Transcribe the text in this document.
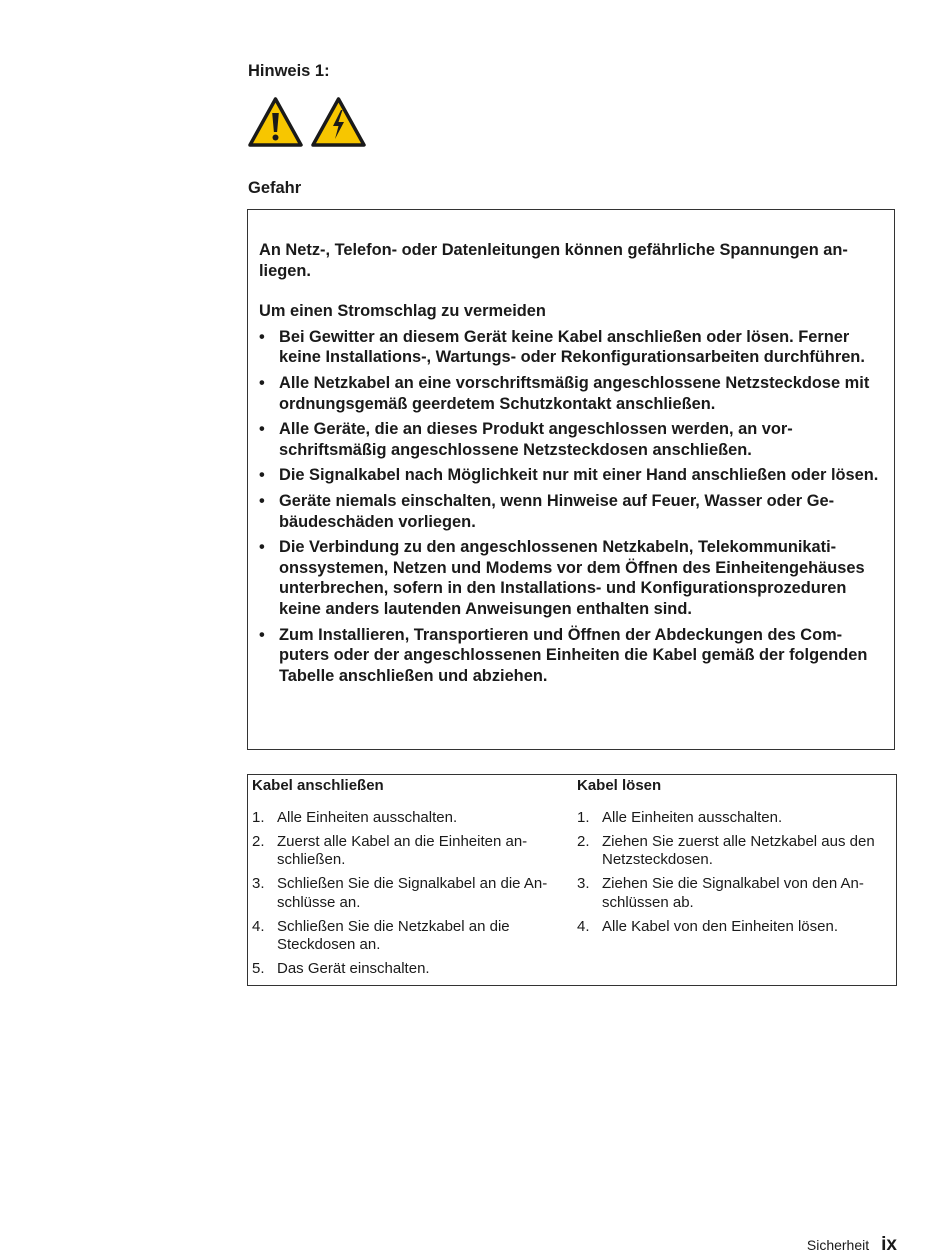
Hinweis 1:
Gefahr

An Netz-, Telefon- oder Datenleitungen können gefährliche Spannungen anliegen.

Um einen Stromschlag zu vermeiden

• Bei Gewitter an diesem Gerät keine Kabel anschließen oder lösen. Ferner keine Installations-, Wartungs- oder Rekonfigurationsarbeiten durchführen.
• Alle Netzkabel an eine vorschriftsmäßig angeschlossene Netzsteckdose mit ordnungsgemäß geerdetem Schutzkontakt anschließen.
• Alle Geräte, die an dieses Produkt angeschlossen werden, an vorschriftsmäßig angeschlossene Netzsteckdosen anschließen.
• Die Signalkabel nach Möglichkeit nur mit einer Hand anschließen oder lösen.
• Geräte niemals einschalten, wenn Hinweise auf Feuer, Wasser oder Gebäudeschäden vorliegen.
• Die Verbindung zu den angeschlossenen Netzkabeln, Telekommunikationssystemen, Netzen und Modems vor dem Öffnen des Einheitengehäuses unterbrechen, sofern in den Installations- und Konfigurationsprozeduren keine anders lautenden Anweisungen enthalten sind.
• Zum Installieren, Transportieren und Öffnen der Abdeckungen des Computers oder der angeschlossenen Einheiten die Kabel gemäß der folgenden Tabelle anschließen und abziehen.
Kabel anschließen
1. Alle Einheiten ausschalten.
2. Zuerst alle Kabel an die Einheiten anschließen.
3. Schließen Sie die Signalkabel an die Anschlüsse an.
4. Schließen Sie die Netzkabel an die Steckdosen an.
5. Das Gerät einschalten.
Kabel lösen
1. Alle Einheiten ausschalten.
2. Ziehen Sie zuerst alle Netzkabel aus den Netzsteckdosen.
3. Ziehen Sie die Signalkabel von den Anschlüssen ab.
4. Alle Kabel von den Einheiten lösen.
Sicherheit ix
